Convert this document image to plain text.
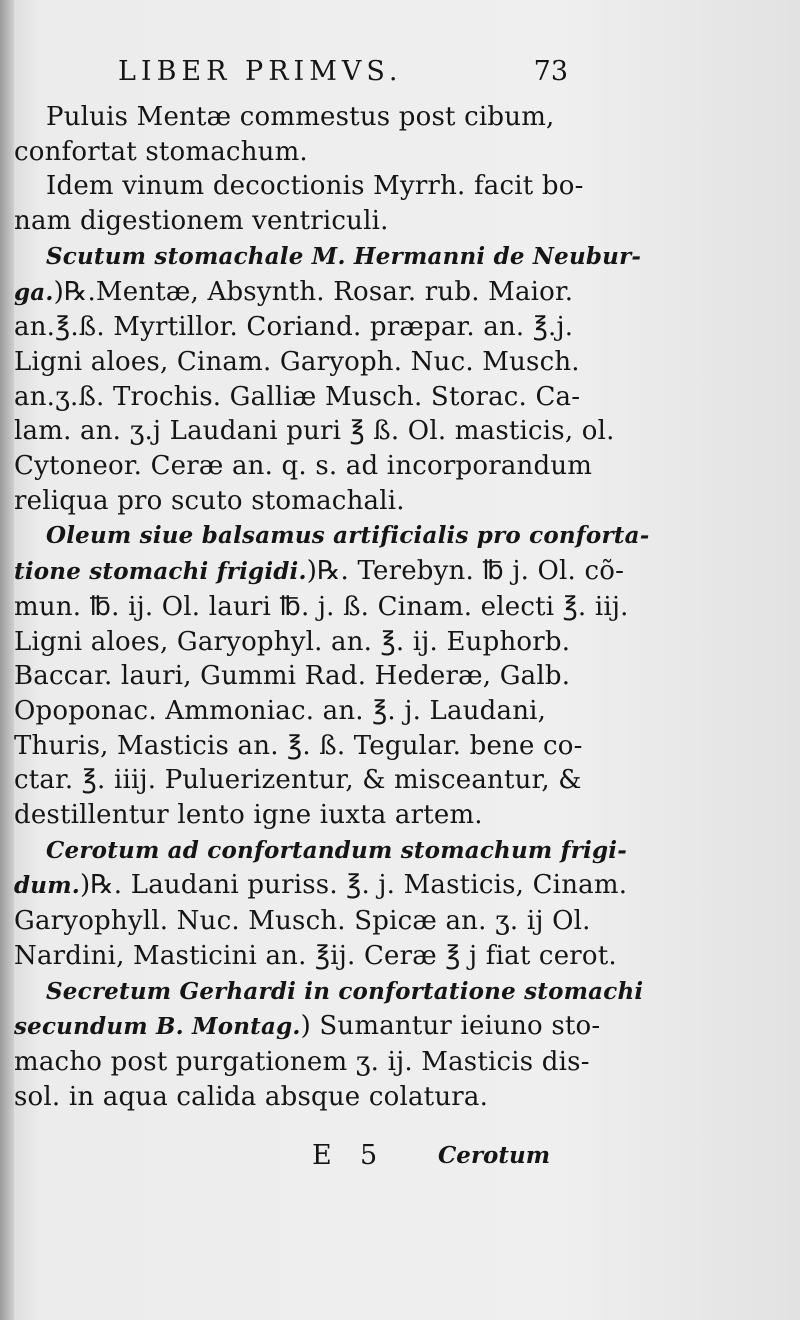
LIBER PRIMVS.	73
Puluis Mentæ commestus post cibum,
confortat stomachum.
Idem vinum decoctionis Myrrh. facit bo-
nam digestionem ventriculi.
Scutum stomachale M. Hermanni de Neubur-
ga.)℞.Mentæ, Absynth. Rosar. rub. Maior.
an.℥.ß. Myrtillor. Coriand. præpar. an. ℥.j.
Ligni aloes, Cinam. Garyoph. Nuc. Musch.
an.ʒ.ß. Trochis. Galliæ Musch. Storac. Ca-
lam. an. ʒ.j Laudani puri ℥ ß. Ol. masticis, ol.
Cytoneor. Ceræ an. q. s. ad incorporandum
reliqua pro scuto stomachali.
Oleum siue balsamus artificialis pro conforta-
tione stomachi frigidi.)℞. Terebyn. ℔ j. Ol. cõ-
mun. ℔. ij. Ol. lauri ℔. j. ß. Cinam. electi ℥. iij.
Ligni aloes, Garyophyl. an. ℥. ij. Euphorb.
Baccar. lauri, Gummi Rad. Hederæ, Galb.
Opoponac. Ammoniac. an. ℥. j. Laudani,
Thuris, Masticis an. ℥. ß. Tegular. bene co-
ctar. ℥. iiij. Puluerizentur, & misceantur, &
destillentur lento igne iuxta artem.
Cerotum ad confortandum stomachum frigi-
dum.)℞. Laudani puriss. ℥. j. Masticis, Cinam.
Garyophyll. Nuc. Musch. Spicæ an. ʒ. ij Ol.
Nardini, Masticini an. ℥ij. Ceræ ℥ j fiat cerot.
Secretum Gerhardi in confortatione stomachi
secundum B. Montag.) Sumantur ieiuno sto-
macho post purgationem ʒ. ij. Masticis dis-
sol. in aqua calida absque colatura.
E 5	Cerotum
